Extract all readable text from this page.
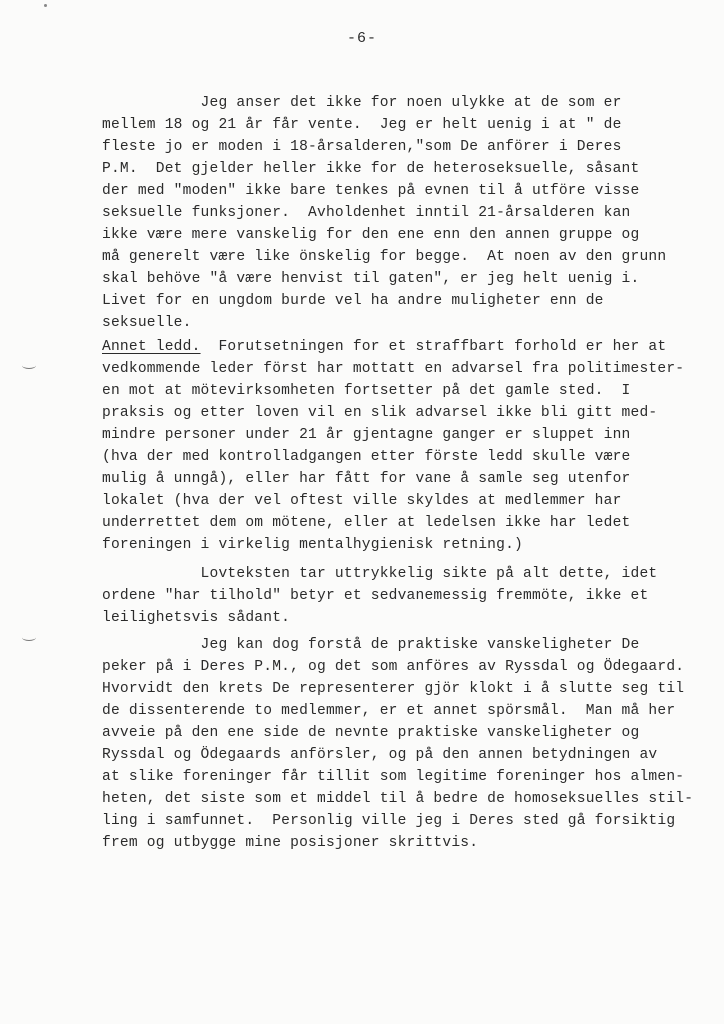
-6-
Jeg anser det ikke for noen ulykke at de som er
mellem 18 og 21 år får vente.  Jeg er helt uenig i at " de
fleste jo er moden i 18-årsalderen,"som De anförer i Deres
P.M.  Det gjelder heller ikke for de heteroseksuelle, såsant
der med "moden" ikke bare tenkes på evnen til å utföre visse
seksuelle funksjoner.  Avholdenhet inntil 21-årsalderen kan
ikke være mere vanskelig for den ene enn den annen gruppe og
må generelt være like önskelig for begge.  At noen av den grunn
skal behöve "å være henvist til gaten", er jeg helt uenig i.
Livet for en ungdom burde vel ha andre muligheter enn de
seksuelle.
Annet ledd.  Forutsetningen for et straffbart forhold er her at
vedkommende leder först har mottatt en advarsel fra politimester-
en mot at mötevirksomheten fortsetter på det gamle sted.  I
praksis og etter loven vil en slik advarsel ikke bli gitt med-
mindre personer under 21 år gjentagne ganger er sluppet inn
(hva der med kontrolladgangen etter förste ledd skulle være
mulig å unngå), eller har fått for vane å samle seg utenfor
lokalet (hva der vel oftest ville skyldes at medlemmer har
underrettet dem om mötene, eller at ledelsen ikke har ledet
foreningen i virkelig mentalhygienisk retning.)
Lovteksten tar uttrykkelig sikte på alt dette, idet
ordene "har tilhold" betyr et sedvanemessig fremmöte, ikke et
leilighetsvis sådant.
Jeg kan dog forstå de praktiske vanskeligheter De
peker på i Deres P.M., og det som anföres av Ryssdal og Ödegaard.
Hvorvidt den krets De representerer gjör klokt i å slutte seg til
de dissenterende to medlemmer, er et annet spörsmål.  Man må her
avveie på den ene side de nevnte praktiske vanskeligheter og
Ryssdal og Ödegaards anförsler, og på den annen betydningen av
at slike foreninger får tillit som legitime foreninger hos almen-
heten, det siste som et middel til å bedre de homoseksuelles stil-
ling i samfunnet.  Personlig ville jeg i Deres sted gå forsiktig
frem og utbygge mine posisjoner skrittvis.
